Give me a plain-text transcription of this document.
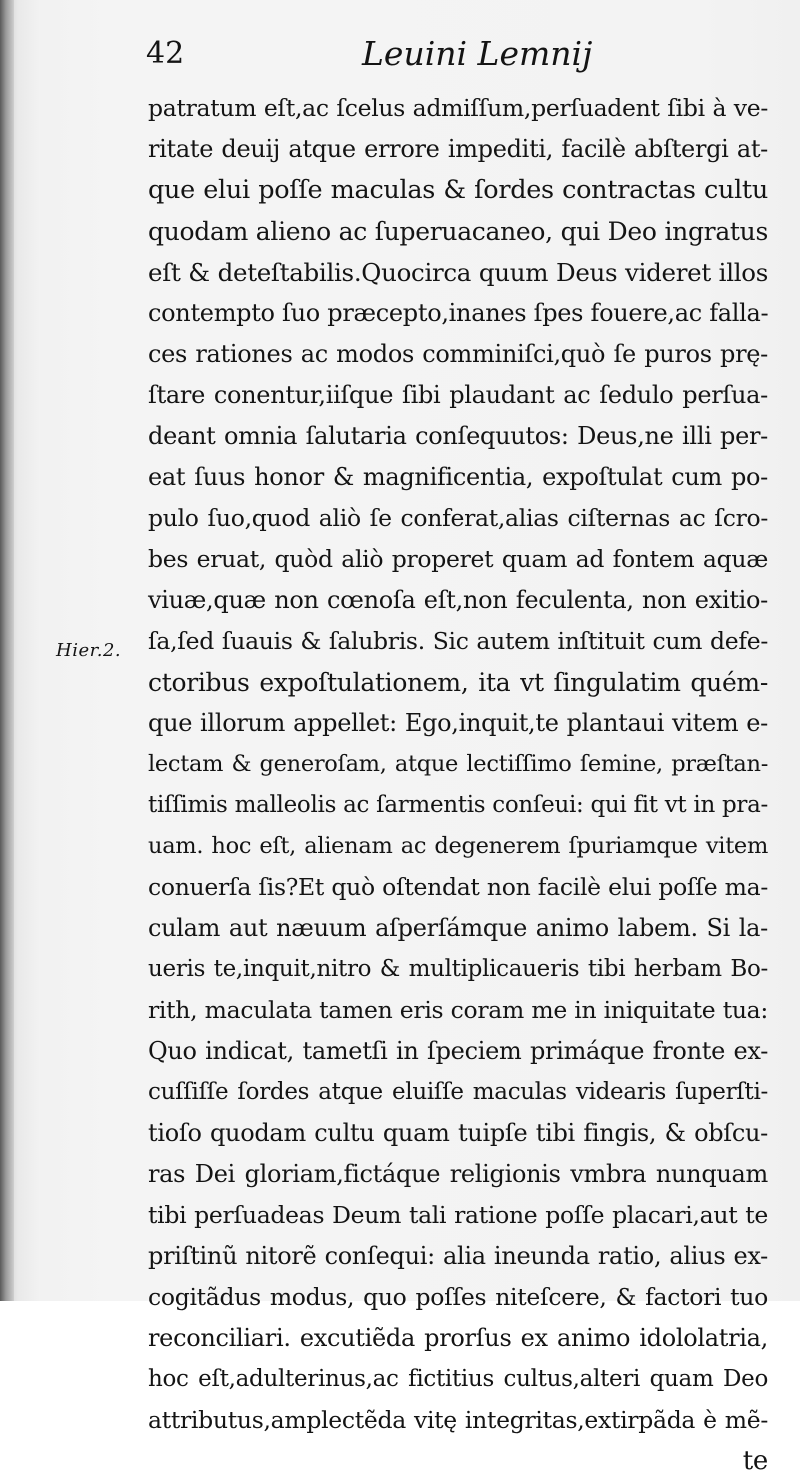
42	Leuini Lemnij
Hier.2.
patratum eſt,ac ſcelus admiſſum,perſuadent ſibi à ve-
ritate deuij atque errore impediti, facilè abſtergi at-
que elui poſſe maculas & ſordes contractas cultu
quodam alieno ac ſuperuacaneo, qui Deo ingratus
eſt & deteſtabilis.Quocirca quum Deus videret illos
contempto ſuo præcepto,inanes ſpes fouere,ac falla-
ces rationes ac modos comminiſci,quò ſe puros prę-
ſtare conentur,iiſque ſibi plaudant ac ſedulo perſua-
deant omnia ſalutaria conſequutos: Deus,ne illi per-
eat ſuus honor & magnificentia, expoſtulat cum po-
pulo ſuo,quod aliò ſe conferat,alias ciſternas ac ſcro-
bes eruat, quòd aliò properet quam ad fontem aquæ
viuæ,quæ non cœnoſa eſt,non feculenta, non exitio-
ſa,ſed ſuauis & ſalubris. Sic autem inſtituit cum defe-
ctoribus expoſtulationem, ita vt ſingulatim quém-
que illorum appellet: Ego,inquit,te plantaui vitem e-
lectam & generoſam, atque lectiſſimo ſemine, præſtan-
tiſſimis malleolis ac ſarmentis conſeui: qui fit vt in pra-
uam. hoc eſt, alienam ac degenerem ſpuriamque vitem
conuerſa ſis?Et quò oſtendat non facilè elui poſſe ma-
culam aut næuum aſperſámque animo labem. Si la-
ueris te,inquit,nitro & multiplicaueris tibi herbam Bo-
rith, maculata tamen eris coram me in iniquitate tua:
Quo indicat, tametſi in ſpeciem primáque fronte ex-
cuſſiſſe ſordes atque eluiſſe maculas videaris ſuperſti-
tioſo quodam cultu quam tuipſe tibi fingis, & obſcu-
ras Dei gloriam,fictáque religionis vmbra nunquam
tibi perſuadeas Deum tali ratione poſſe placari,aut te
priſtinũ nitorẽ conſequi: alia ineunda ratio, alius ex-
cogitãdus modus, quo poſſes niteſcere, & factori tuo
reconciliari. excutiẽda prorſus ex animo idololatria,
hoc eſt,adulterinus,ac fictitius cultus,alteri quam Deo
attributus,amplectẽda vitę integritas,extirpãda è mẽ-
te
